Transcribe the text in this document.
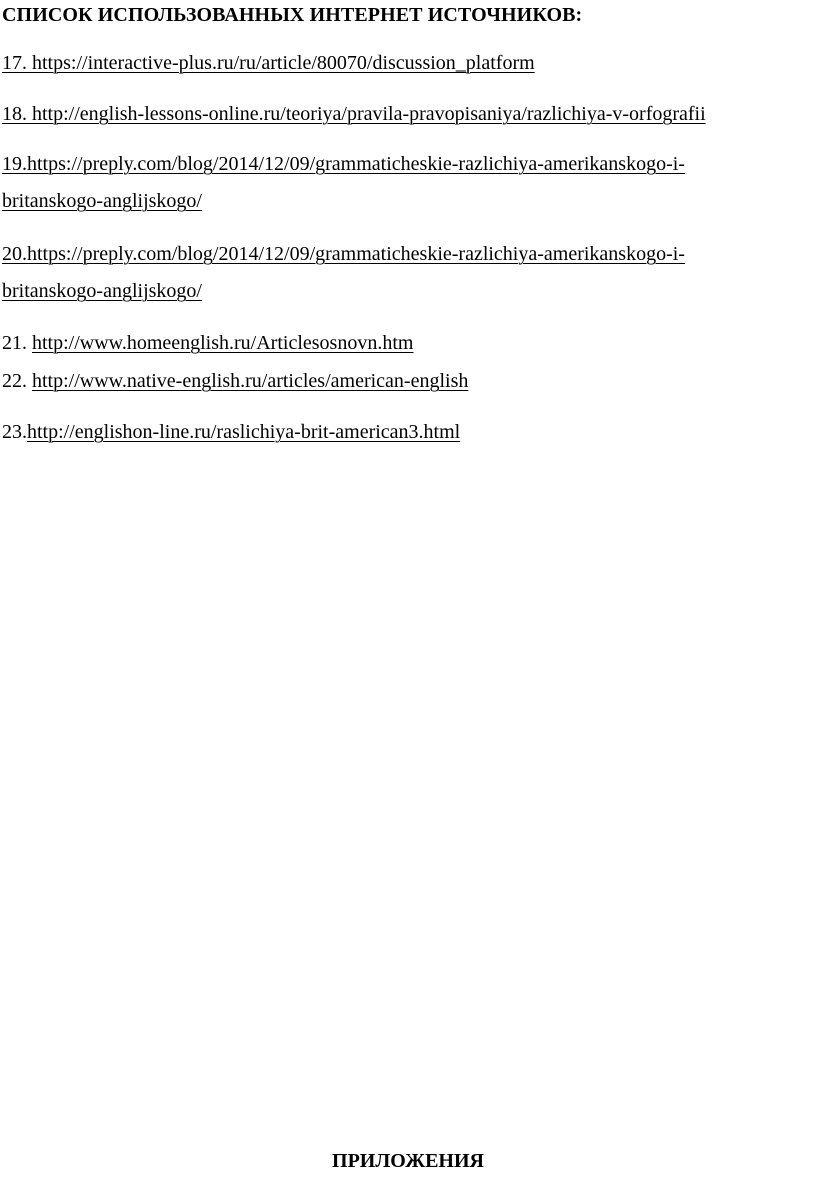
СПИСОК ИСПОЛЬЗОВАННЫХ ИНТЕРНЕТ ИСТОЧНИКОВ:
17. https://interactive-plus.ru/ru/article/80070/discussion_platform
18. http://english-lessons-online.ru/teoriya/pravila-pravopisaniya/razlichiya-v-orfografii
19.https://preply.com/blog/2014/12/09/grammaticheskie-razlichiya-amerikanskogo-i-
britanskogo-anglijskogo/
20.https://preply.com/blog/2014/12/09/grammaticheskie-razlichiya-amerikanskogo-i-
britanskogo-anglijskogo/
21. http://www.homeenglish.ru/Articlesosnovn.htm
22. http://www.native-english.ru/articles/american-english
23.http://englishon-line.ru/raslichiya-brit-american3.html
ПРИЛОЖЕНИЯ
